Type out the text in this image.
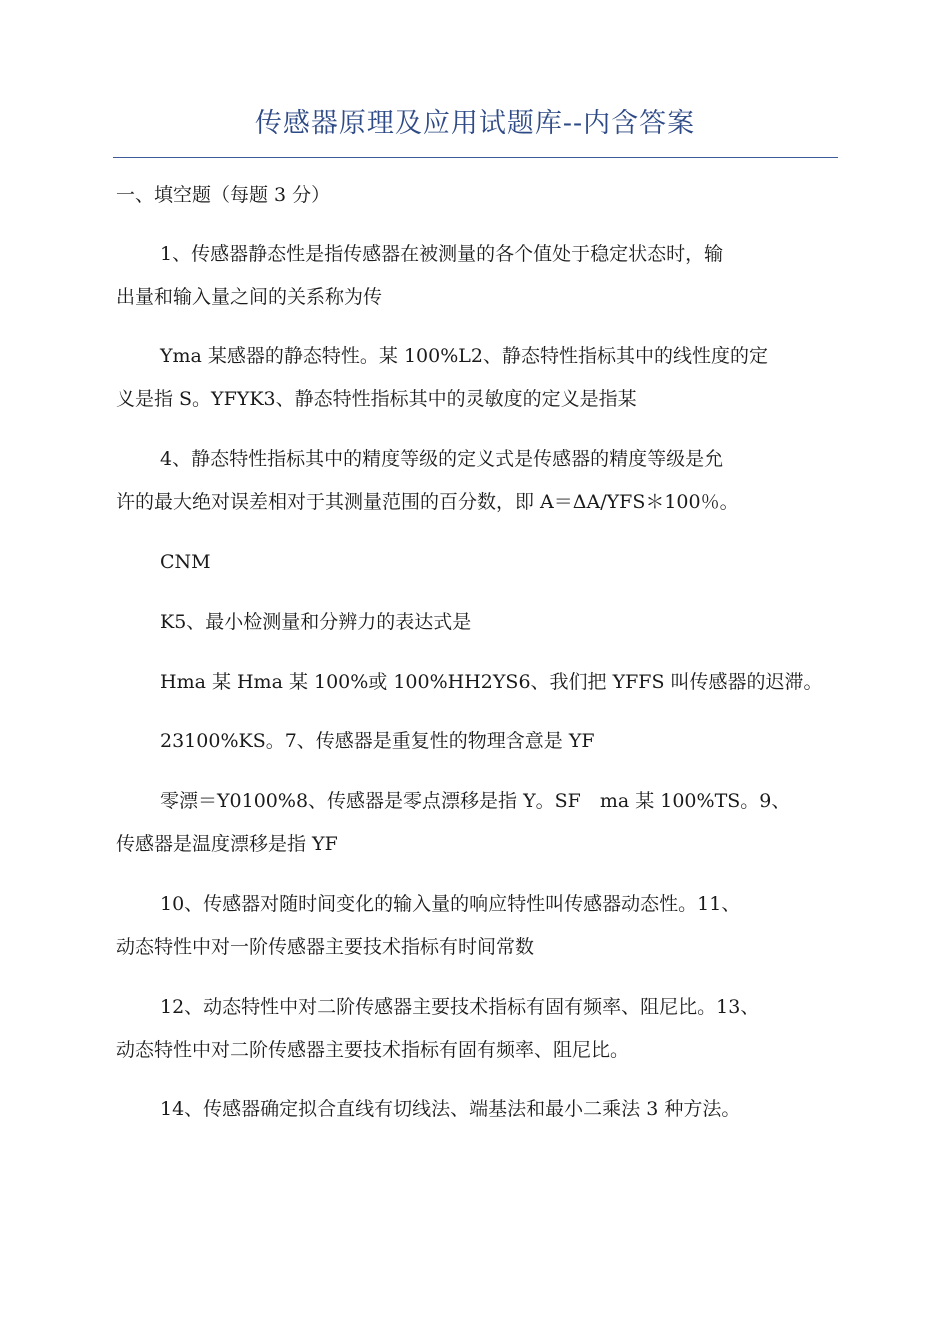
传感器原理及应用试题库--内含答案
一、填空题（每题 3 分）
1、传感器静态性是指传感器在被测量的各个值处于稳定状态时，输
出量和输入量之间的关系称为传
Yma 某感器的静态特性。某 100%L2、静态特性指标其中的线性度的定
义是指 S。YFYK3、静态特性指标其中的灵敏度的定义是指某
4、静态特性指标其中的精度等级的定义式是传感器的精度等级是允
许的最大绝对误差相对于其测量范围的百分数，即 A＝ΔA/YFS＊100％。
CNM
K5、最小检测量和分辨力的表达式是
Hma 某 Hma 某 100%或 100%HH2YS6、我们把 YFFS 叫传感器的迟滞。
23100%KS。7、传感器是重复性的物理含意是 YF
零漂＝Y0100%8、传感器是零点漂移是指 Y。SF　ma 某 100%TS。9、
传感器是温度漂移是指 YF
10、传感器对随时间变化的输入量的响应特性叫传感器动态性。11、
动态特性中对一阶传感器主要技术指标有时间常数
12、动态特性中对二阶传感器主要技术指标有固有频率、阻尼比。13、
动态特性中对二阶传感器主要技术指标有固有频率、阻尼比。
14、传感器确定拟合直线有切线法、端基法和最小二乘法 3 种方法。
